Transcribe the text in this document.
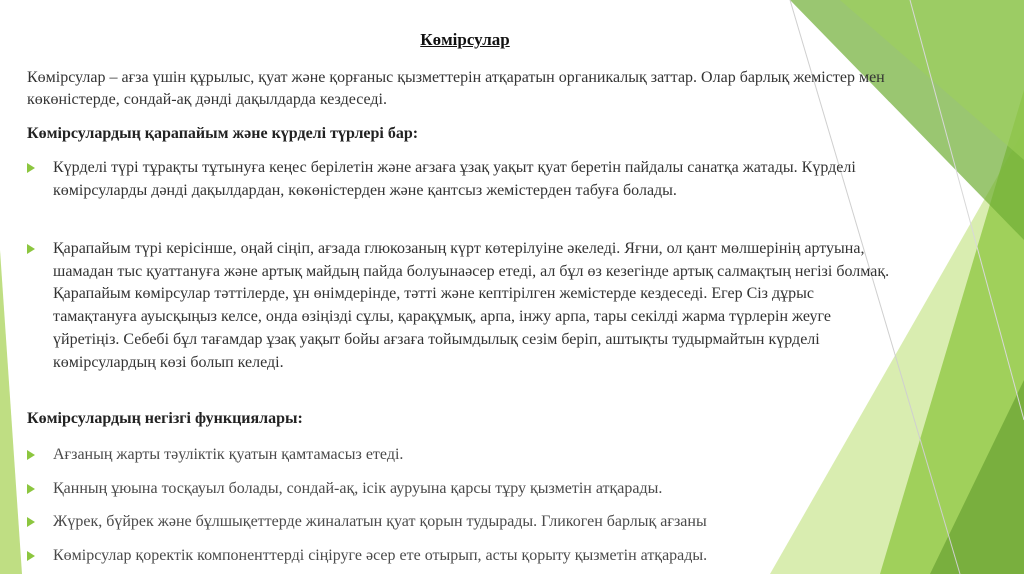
Көмірсулар
Көмірсулар – ағза үшін құрылыс, қуат және қорғаныс қызметтерін атқаратын органикалық заттар. Олар барлық жемістер мен көкөністерде, сондай-ақ дәнді дақылдарда кездеседі.
Көмірсулардың қарапайым және күрделі түрлері бар:
Күрделі түрі тұрақты тұтынуға кеңес берілетін және ағзаға ұзақ уақыт қуат беретін пайдалы санатқа жатады. Күрделі көмірсуларды дәнді дақылдардан, көкөністерден және қантсыз жемістерден табуға болады.
Қарапайым түрі керісінше, оңай сіңіп, ағзада глюкозаның күрт көтерілуіне әкеледі. Яғни, ол қант мөлшерінің артуына, шамадан тыс қуаттануға және артық майдың пайда болуынаәсер етеді, ал бұл өз кезегінде артық салмақтың негізі болмақ. Қарапайым көмірсулар тәттілерде, ұн өнімдерінде, тәтті және кептірілген жемістерде кездеседі. Егер Сіз дұрыс тамақтануға ауысқыңыз келсе, онда өзіңізді сұлы, қарақұмық, арпа, інжу арпа, тары секілді жарма түрлерін жеуге үйретіңіз. Себебі бұл тағамдар ұзақ уақыт бойы ағзаға тойымдылық сезім беріп, аштықты тудырмайтын күрделі көмірсулардың көзі болып келеді.
Көмірсулардың негізгі функциялары:
Ағзаның жарты тәуліктік қуатын қамтамасыз етеді.
Қанның ұюына тосқауыл болады, сондай-ақ, ісік ауруына қарсы тұру қызметін атқарады.
Жүрек, бүйрек және бұлшықеттерде жиналатын қуат қорын тудырады. Гликоген барлық ағзаны
Көмірсулар қоректік компоненттерді сіңіруге әсер ете отырып, асты қорыту қызметін атқарады.
